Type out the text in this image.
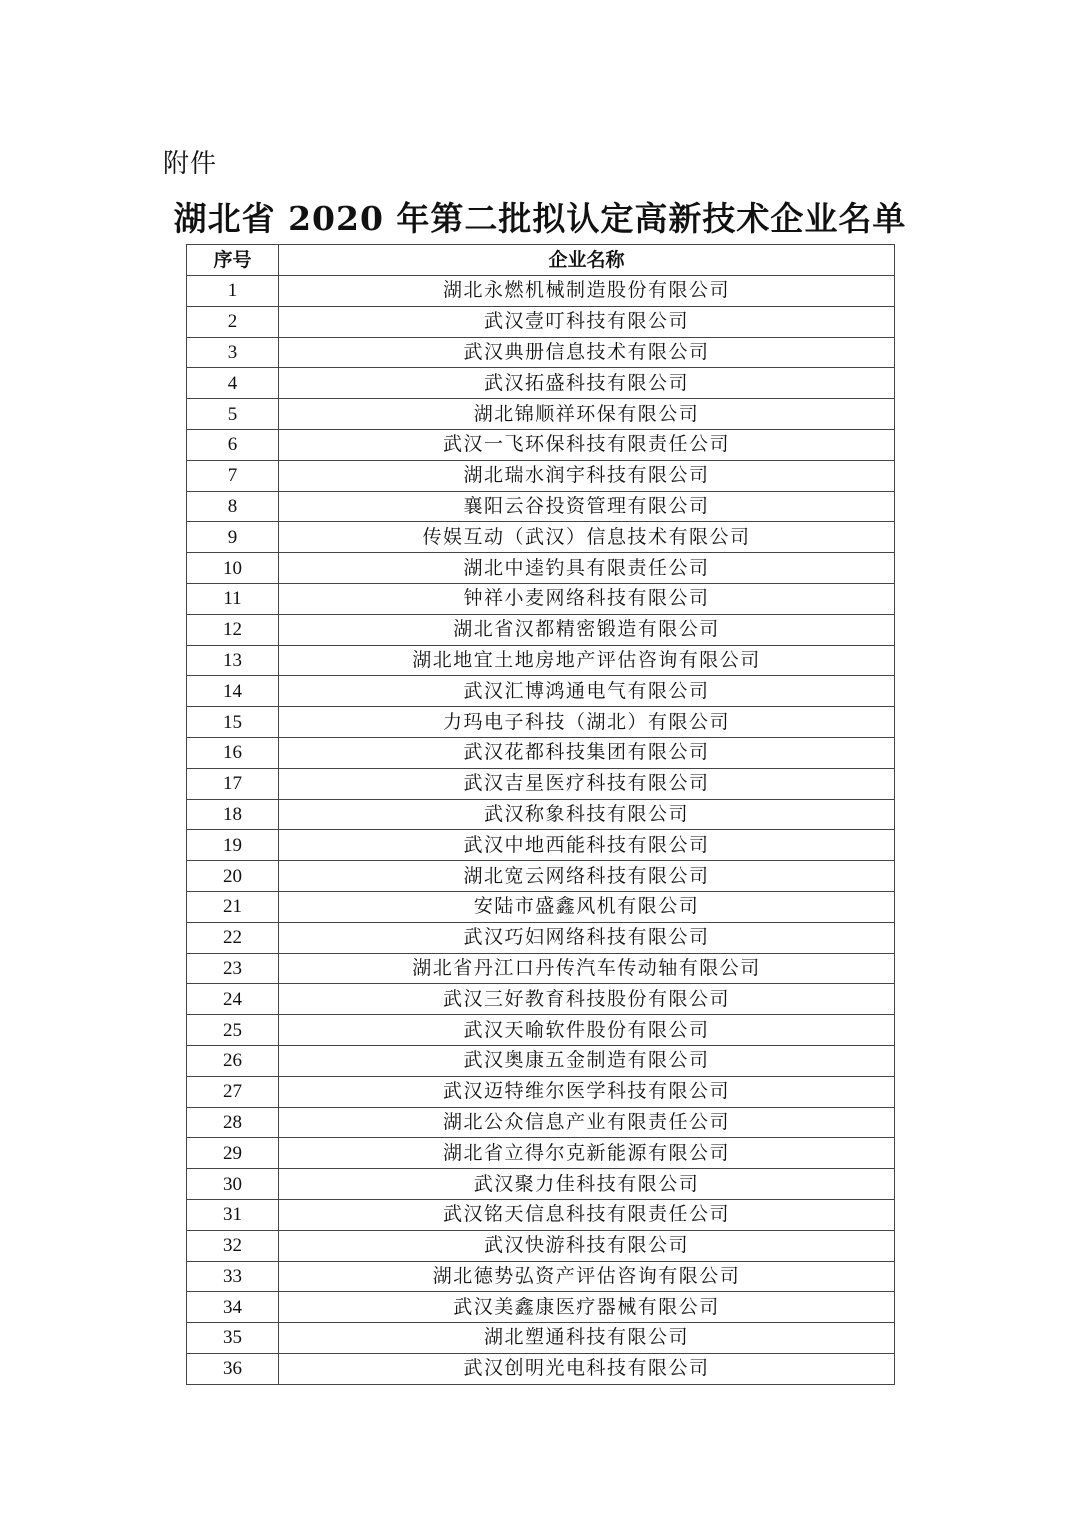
附件
湖北省 2020 年第二批拟认定高新技术企业名单
序号	企业名称
1	湖北永燃机械制造股份有限公司
2	武汉壹叮科技有限公司
3	武汉典册信息技术有限公司
4	武汉拓盛科技有限公司
5	湖北锦顺祥环保有限公司
6	武汉一飞环保科技有限责任公司
7	湖北瑞水润宇科技有限公司
8	襄阳云谷投资管理有限公司
9	传娱互动（武汉）信息技术有限公司
10	湖北中逵钓具有限责任公司
11	钟祥小麦网络科技有限公司
12	湖北省汉都精密锻造有限公司
13	湖北地宜土地房地产评估咨询有限公司
14	武汉汇博鸿通电气有限公司
15	力玛电子科技（湖北）有限公司
16	武汉花都科技集团有限公司
17	武汉吉星医疗科技有限公司
18	武汉称象科技有限公司
19	武汉中地西能科技有限公司
20	湖北宽云网络科技有限公司
21	安陆市盛鑫风机有限公司
22	武汉巧妇网络科技有限公司
23	湖北省丹江口丹传汽车传动轴有限公司
24	武汉三好教育科技股份有限公司
25	武汉天喻软件股份有限公司
26	武汉奥康五金制造有限公司
27	武汉迈特维尔医学科技有限公司
28	湖北公众信息产业有限责任公司
29	湖北省立得尔克新能源有限公司
30	武汉聚力佳科技有限公司
31	武汉铭天信息科技有限责任公司
32	武汉快游科技有限公司
33	湖北德势弘资产评估咨询有限公司
34	武汉美鑫康医疗器械有限公司
35	湖北塑通科技有限公司
36	武汉创明光电科技有限公司
